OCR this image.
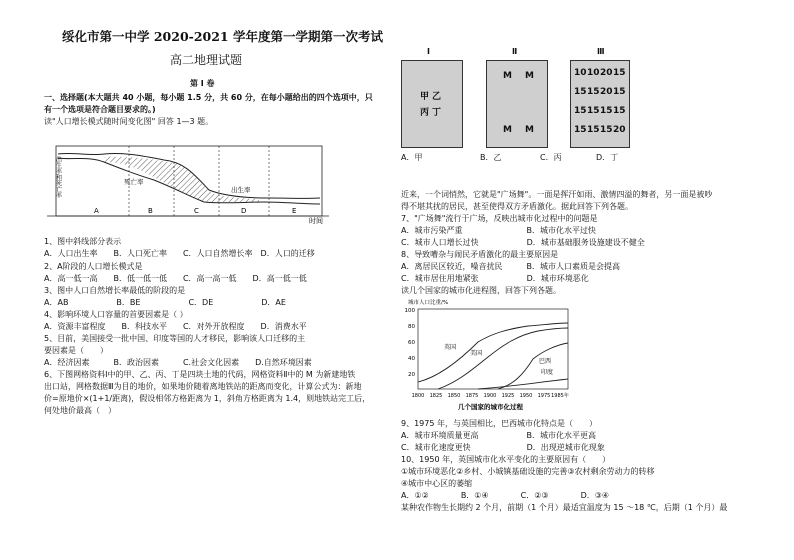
绥化市第一中学 2020-2021 学年度第一学期第一次考试
高二地理试题
第 I 卷
一、选择题(本大题共 40 小题，每小题 1.5 分，共 60 分，在每小题给出的四个选项中，只
有一个选项是符合题目要求的。)
读"人口增长模式随时间变化图" 回答 1—3 题。
A	B	C	D	E
死亡率
出生率
时间
出生率和死亡率
1、图中斜线部分表示
A．人口出生率　　B．人口死亡率　　C．人口自然增长率　D．人口的迁移
2、A阶段的人口增长模式是
A．高一低一高　　B．低一低一低　　C．高一高一低　　D．高一低一低
3、图中人口自然增长率最低的阶段的是
A．AB　　　　　　B．BE　　　　　　C．DE　　　　　　D．AE
4、影响环境人口容量的首要因素是（ ）
A．资源丰富程度　　B．科技水平　　C．对外开放程度　　D．消费水平
5、目前，美国接受一批中国、印度等国的人才移民，影响该人口迁移的主
要因素是（　　）
A．经济因素　　　B．政治因素　　　C.社会文化因素　　D.自然环境因素
6、下图网格资料Ⅰ中的甲、乙、丙、丁是四块土地的代码，网格资料Ⅱ中的 M 为新建地铁
出口站，网格数据Ⅲ为目的地价，如果地价随着离地铁站的距离而变化，计算公式为：新地
价=原地价×(1+1/距离)，假设相邻方格距离为 1，斜角方格距离为 1.4，则地铁站完工后，
何处地价最高（　）
Ⅰ	Ⅱ	Ⅲ
甲 乙
丙 丁
M M
M M
10 10 20 15
15 15 20 15
15 15 15 15
15 15 15 20
A．甲	B．乙	C．丙	D．丁
近来，一个词悄然，它就是"广场舞"。一面是挥汗如雨、激情四溢的舞者，另一面是被吵
得不堪其扰的居民，甚至使得双方矛盾激化。据此回答下列各题。
7、"广场舞"流行于广场，反映出城市化过程中的问题是
A．城市污染严重　　　　　　　　B．城市化水平过快
C．城市人口增长过快　　　　　　D．城市基础服务设施建设不健全
8、导致嘈杂与闹民矛盾激化的最主要原因是
A．离居民区较近，噪音扰民　　　B．城市人口素质是会提高
C．城市居住用地紧张　　　　　　D．城市环境恶化
读几个国家的城市化进程图，回答下列各题。
城市人口比重/%
100
80
60
40
20
1800 1825 1850 1875 1900 1925 1950 1975 1985年
英国
美国
巴西
印度
几个国家的城市化过程
9、1975 年，与英国相比，巴西城市化特点是（　　）
A．城市环境质量更高　　　　　　B．城市化水平更高
C．城市化速度更快　　　　　　　D．出现逆城市化现象
10、1950 年，英国城市化水平变化的主要原因有（　　）
①城市环境恶化②乡村、小城镇基础设施的完善③农村剩余劳动力的转移
④城市中心区的萎缩
A．①②　　　　B．①④　　　　C．②③　　　　D．③④
某种农作物生长期约 2 个月，前期（1 个月）最适宜温度为 15 ～18 ℃，后期（1 个月）最
